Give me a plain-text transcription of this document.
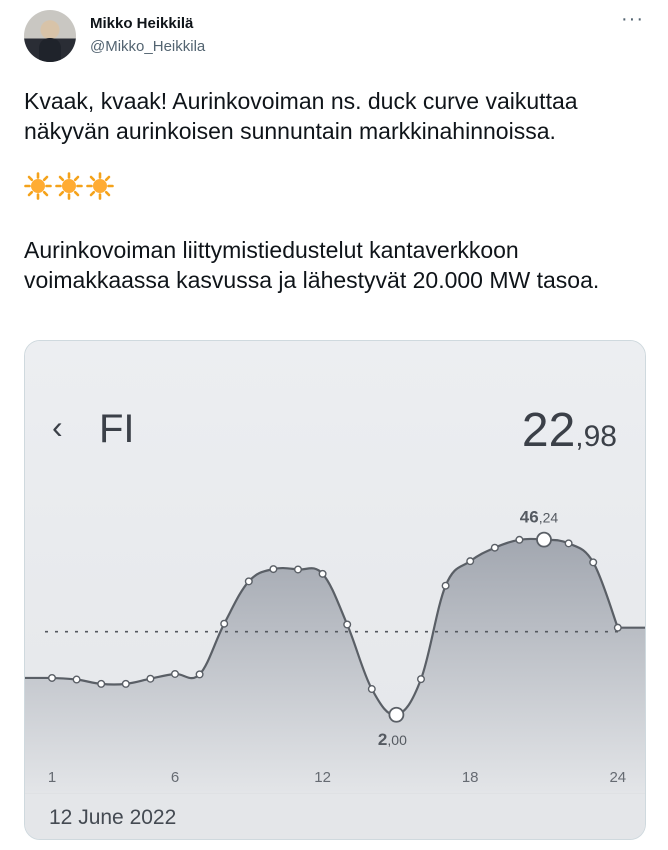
Mikko Heikkilä
@Mikko_Heikkila
···
Kvaak, kvaak! Aurinkovoiman ns. duck curve vaikuttaa näkyvän aurinkoisen sunnuntain markkinahinnoissa.
Aurinkovoiman liittymistiedustelut kantaverkkoon voimakkaassa kasvussa ja lähestyvät 20.000 MW tasoa.
‹ FI	22,98
46,24
2,00
1	6	12	18	24
12 June 2022
